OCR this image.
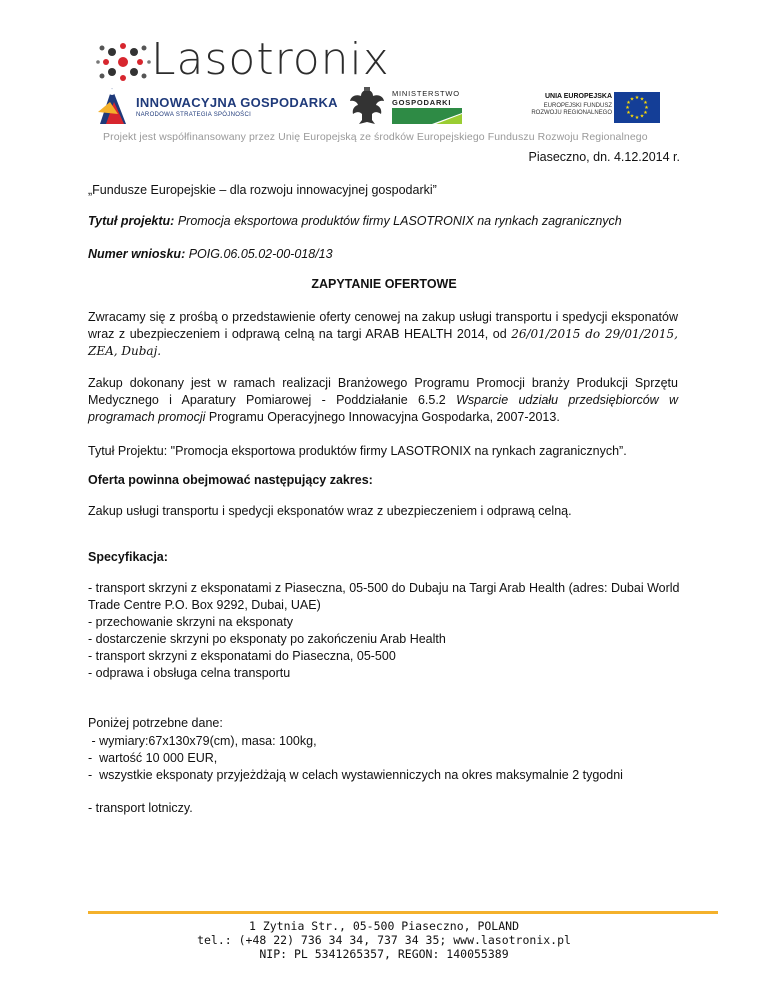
Lasotronix
INNOWACYJNA GOSPODARKA
NARODOWA STRATEGIA SPÓJNOŚCI
MINISTERSTWO
GOSPODARKI
UNIA EUROPEJSKA
EUROPEJSKI FUNDUSZ
ROZWOJU REGIONALNEGO
★ ★
★
★
★
★
★
★
★
★
★
★
Projekt jest współfinansowany przez Unię Europejską ze środków Europejskiego Funduszu Rozwoju Regionalnego
Piaseczno, dn. 4.12.2014 r.
„Fundusze Europejskie – dla rozwoju innowacyjnej gospodarki”
Tytuł projektu: Promocja eksportowa produktów firmy LASOTRONIX na rynkach zagranicznych
Numer wniosku: POIG.06.05.02-00-018/13
ZAPYTANIE OFERTOWE
Zwracamy się z prośbą o przedstawienie oferty cenowej na zakup usługi transportu i spedycji eksponatów wraz z ubezpieczeniem i odprawą celną na targi ARAB HEALTH 2014, od 26/01/2015 do 29/01/2015, ZEA, Dubaj.
Zakup dokonany jest w ramach realizacji Branżowego Programu Promocji branży Produkcji Sprzętu Medycznego i Aparatury Pomiarowej - Poddziałanie 6.5.2 Wsparcie udziału przedsiębiorców w programach promocji Programu Operacyjnego Innowacyjna Gospodarka, 2007-2013.
Tytuł Projektu: "Promocja eksportowa produktów firmy LASOTRONIX na rynkach zagranicznych”.
Oferta powinna obejmować następujący zakres:
Zakup usługi transportu i spedycji eksponatów wraz z ubezpieczeniem i odprawą celną.
Specyfikacja:
- transport skrzyni z eksponatami z Piaseczna, 05-500 do Dubaju na Targi Arab Health (adres: Dubai World Trade Centre P.O. Box 9292, Dubai, UAE)
- przechowanie skrzyni na eksponaty
- dostarczenie skrzyni po eksponaty po zakończeniu Arab Health
- transport skrzyni z eksponatami do Piaseczna, 05-500
- odprawa i obsługa celna transportu
Poniżej potrzebne dane:
- wymiary:67x130x79(cm), masa: 100kg,
-  wartość 10 000 EUR,
-  wszystkie eksponaty przyjeżdżają w celach wystawienniczych na okres maksymalnie 2 tygodni
- transport lotniczy.
1 Zytnia Str., 05-500 Piaseczno, POLAND
tel.: (+48 22) 736 34 34, 737 34 35; www.lasotronix.pl
NIP: PL 5341265357, REGON: 140055389
